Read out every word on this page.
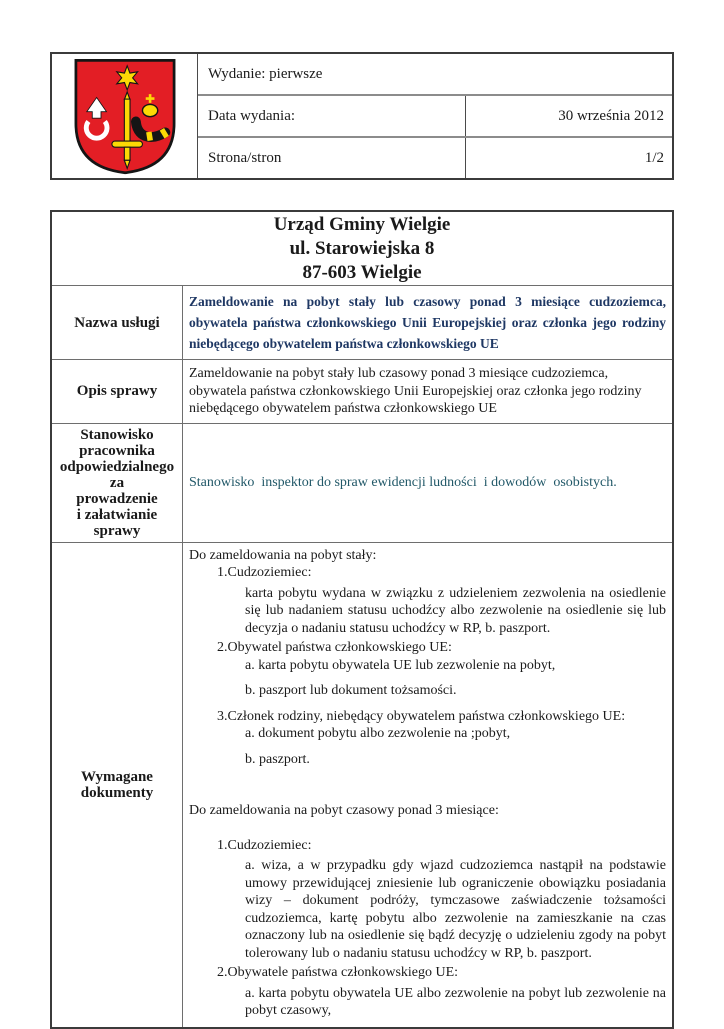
Wydanie: pierwsze
Data wydania:	30 września 2012
Strona/stron	1/2
Urząd Gminy Wielgie
ul. Starowiejska 8
87-603 Wielgie
Nazwa usługi
Zameldowanie na pobyt stały lub czasowy ponad 3 miesiące cudzoziemca, obywatela państwa członkowskiego Unii Europejskiej oraz członka jego rodziny niebędącego obywatelem państwa członkowskiego UE
Opis sprawy
Zameldowanie na pobyt stały lub czasowy ponad 3 miesiące cudzoziemca, obywatela państwa członkowskiego Unii Europejskiej oraz członka jego rodziny niebędącego obywatelem państwa członkowskiego UE
Stanowisko
pracownika
odpowiedzialnego za
prowadzenie
i załatwianie
sprawy
Stanowisko  inspektor do spraw ewidencji ludności  i dowodów  osobistych.
Wymagane dokumenty
Do zameldowania na pobyt stały:
1.Cudzoziemiec:
karta pobytu wydana w związku z udzieleniem zezwolenia na osiedlenie się lub nadaniem statusu uchodźcy albo zezwolenie na osiedlenie się lub decyzja o nadaniu statusu uchodźcy w RP, b. paszport.
2.Obywatel państwa członkowskiego UE:
a. karta pobytu obywatela UE lub zezwolenie na pobyt,
b. paszport lub dokument tożsamości.
3.Członek rodziny, niebędący obywatelem państwa członkowskiego UE:
a. dokument pobytu albo zezwolenie na ;pobyt,
b. paszport.
Do zameldowania na pobyt czasowy ponad 3 miesiące:
1.Cudzoziemiec:
a. wiza, a w przypadku gdy wjazd cudzoziemca nastąpił na podstawie umowy przewidującej zniesienie lub ograniczenie obowiązku posiadania wizy – dokument podróży, tymczasowe zaświadczenie tożsamości cudzoziemca, kartę pobytu albo zezwolenie na zamieszkanie na czas oznaczony lub na osiedlenie się bądź decyzję o udzieleniu zgody na pobyt tolerowany lub o nadaniu statusu uchodźcy w RP, b. paszport.
2.Obywatele państwa członkowskiego UE:
a. karta pobytu obywatela UE albo zezwolenie na pobyt lub zezwolenie na pobyt czasowy,
